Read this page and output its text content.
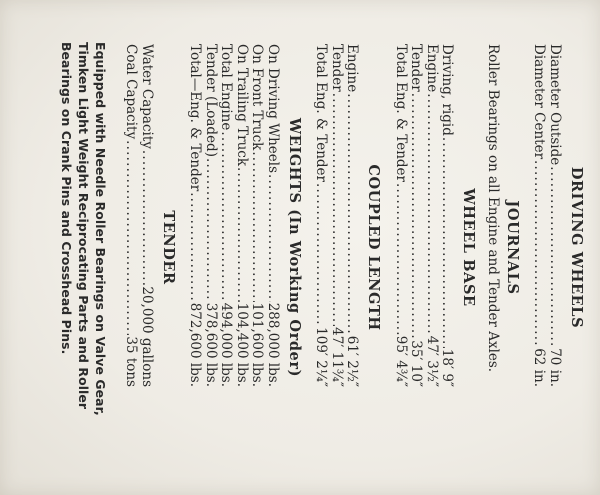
DRIVING WHEELS
Diameter Outside
.....
70 in.
Diameter Center
.....
62 in.
JOURNALS
Roller Bearings on all Engine and Tender Axles.
WHEEL BASE
Driving, rigid
.....
18′ 9″
Engine
.....
47′ 3½″
Tender
.....
35′ 10″
Total Eng. & Tender
.....
95′ 4¾″
COUPLED LENGTH
Engine
.....
61′ 2½″
Tender
.....
47′ 11¾″
Total Eng. & Tender
.....
109′ 2¼″
WEIGHTS (In Working Order)
On Driving Wheels
.....
288,000 lbs.
On Front Truck
.....
101,600 lbs.
On Trailing Truck
.....
104,400 lbs.
Total Engine
.....
494,000 lbs.
Tender (Loaded)
.....
378,600 lbs.
Total—Eng. & Tender
.....
872,600 lbs.
TENDER
Water Capacity
.....
20,000 gallons
Coal Capacity
.....
35 tons
Equipped with Needle Roller Bearings on Valve Gear, Timken Light Weight Reciprocating Parts and Roller Bearings on Crank Pins and Crosshead Pins.
